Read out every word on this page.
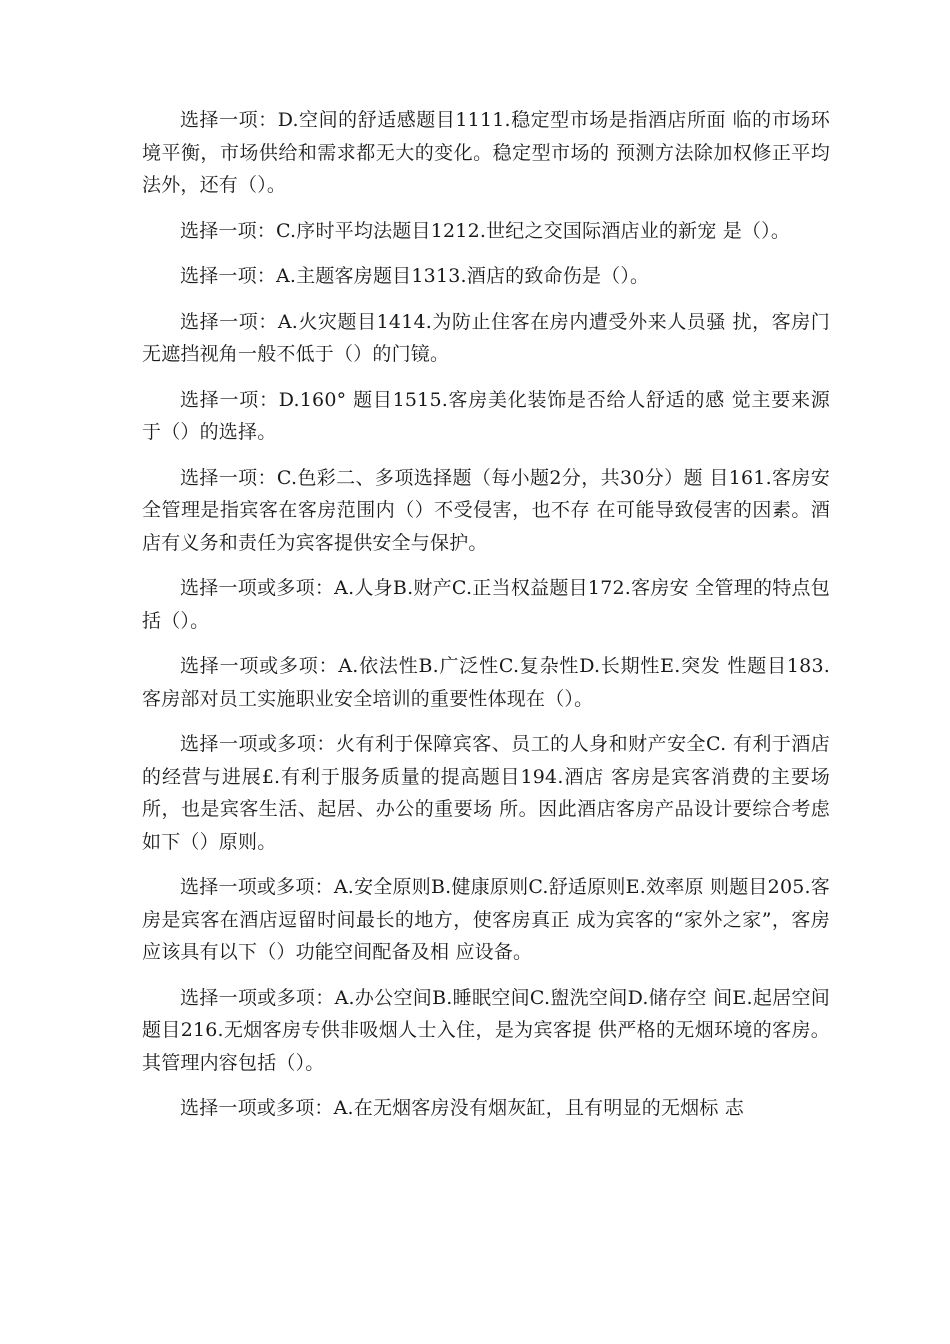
选择一项：D.空间的舒适感题目1111.稳定型市场是指酒店所面 临的市场环境平衡，市场供给和需求都无大的变化。稳定型市场的 预测方法除加权修正平均法外，还有（）。

选择一项：C.序时平均法题目1212.世纪之交国际酒店业的新宠 是（）。

选择一项：A.主题客房题目1313.酒店的致命伤是（）。

选择一项：A.火灾题目1414.为防止住客在房内遭受外来人员骚 扰，客房门无遮挡视角一般不低于（）的门镜。

选择一项：D.160° 题目1515.客房美化装饰是否给人舒适的感 觉主要来源于（）的选择。

选择一项：C.色彩二、多项选择题（每小题2分，共30分）题 目161.客房安全管理是指宾客在客房范围内（）不受侵害，也不存 在可能导致侵害的因素。酒店有义务和责任为宾客提供安全与保护。

选择一项或多项：A.人身B.财产C.正当权益题目172.客房安 全管理的特点包括（）。

选择一项或多项：A.依法性B.广泛性C.复杂性D.长期性E.突发 性题目183.客房部对员工实施职业安全培训的重要性体现在（）。

选择一项或多项：火有利于保障宾客、员工的人身和财产安全C. 有利于酒店的经营与进展£.有利于服务质量的提高题目194.酒店 客房是宾客消费的主要场所，也是宾客生活、起居、办公的重要场 所。因此酒店客房产品设计要综合考虑如下（）原则。

选择一项或多项：A.安全原则B.健康原则C.舒适原则E.效率原 则题目205.客房是宾客在酒店逗留时间最长的地方，使客房真正 成为宾客的“家外之家”，客房应该具有以下（）功能空间配备及相 应设备。

选择一项或多项：A.办公空间B.睡眠空间C.盥洗空间D.储存空 间E.起居空间题目216.无烟客房专供非吸烟人士入住，是为宾客提 供严格的无烟环境的客房。其管理内容包括（）。

选择一项或多项：A.在无烟客房没有烟灰缸，且有明显的无烟标 志
